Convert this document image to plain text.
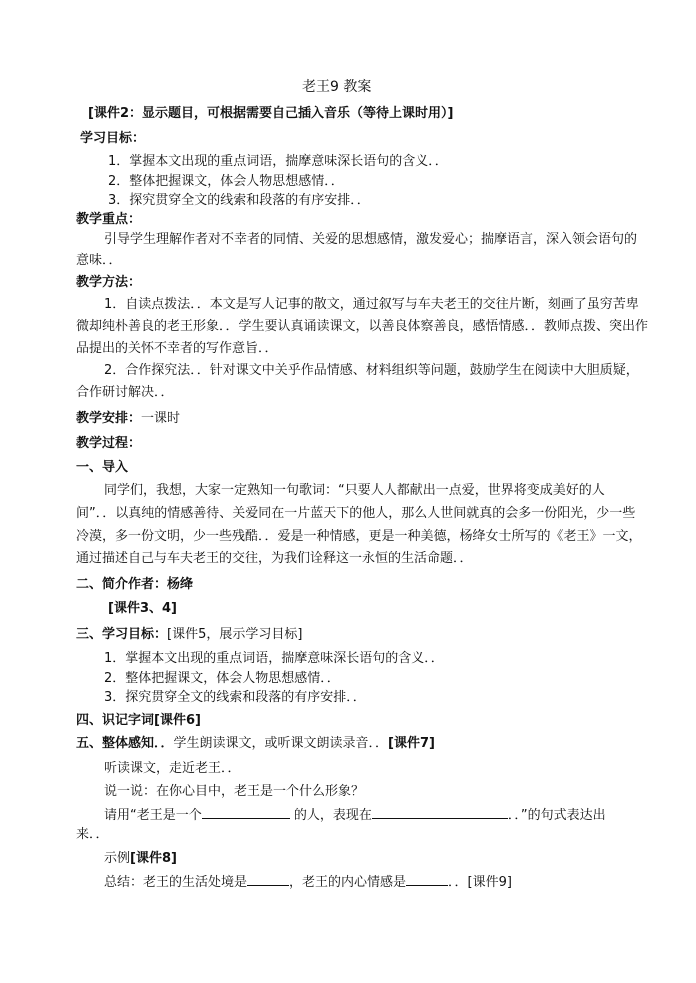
老王9 教案
[课件2：显示题目，可根据需要自己插入音乐（等待上课时用）]
学习目标：
1．掌握本文出现的重点词语，揣摩意味深长语句的含义．．
2．整体把握课文，体会人物思想感情．．
3．探究贯穿全文的线索和段落的有序安排．．
教学重点：
引导学生理解作者对不幸者的同情、关爱的思想感情，激发爱心；揣摩语言，深入领会语句的
意味．．
教学方法：
1．自读点拨法．．本文是写人记事的散文，通过叙写与车夫老王的交往片断，刻画了虽穷苦卑
微却纯朴善良的老王形象．．学生要认真诵读课文，以善良体察善良，感悟情感．．教师点拨、突出作
品提出的关怀不幸者的写作意旨．．
2．合作探究法．．针对课文中关乎作品情感、材料组织等问题，鼓励学生在阅读中大胆质疑，
合作研讨解决．．
教学安排：一课时
教学过程：
一、导入
同学们，我想，大家一定熟知一句歌词：“只要人人都献出一点爱，世界将变成美好的人
间”．．以真纯的情感善待、关爱同在一片蓝天下的他人，那么人世间就真的会多一份阳光，少一些
冷漠，多一份文明，少一些残酷．．爱是一种情感，更是一种美德，杨绛女士所写的《老王》一文，
通过描述自己与车夫老王的交往，为我们诠释这一永恒的生活命题．．
二、简介作者：杨绛
[课件3、4]
三、学习目标：[课件5，展示学习目标]
1．掌握本文出现的重点词语，揣摩意味深长语句的含义．．
2．整体把握课文，体会人物思想感情．．
3．探究贯穿全文的线索和段落的有序安排．．
四、识记字词[课件6]
五、整体感知．．学生朗读课文，或听课文朗读录音．．[课件7]
听读课文，走近老王．．
说一说：在你心目中，老王是一个什么形象？
请用“老王是一个	的人，表现在	．．”的句式表达出
来．．
示例[课件8]
总结：老王的生活处境是	，老王的内心情感是	．．[课件9]
